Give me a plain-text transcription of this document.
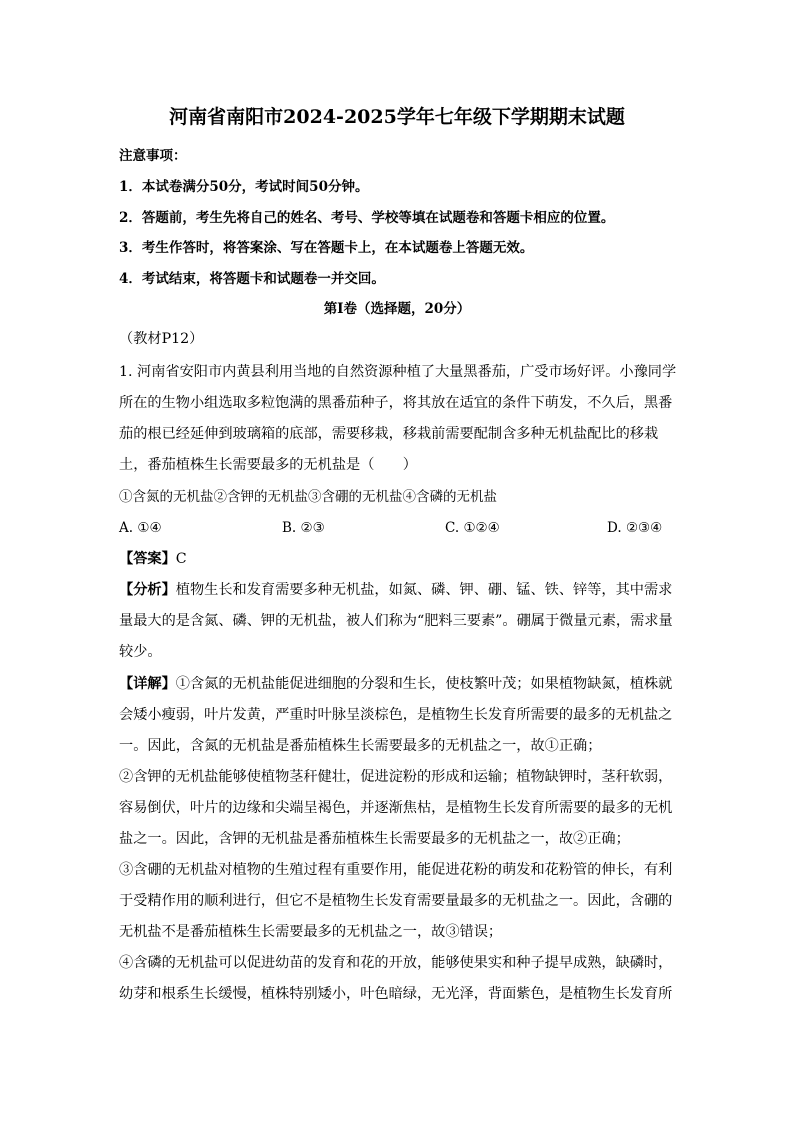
河南省南阳市2024-2025学年七年级下学期期末试题
注意事项：
1．本试卷满分50分，考试时间50分钟。
2．答题前，考生先将自己的姓名、考号、学校等填在试题卷和答题卡相应的位置。
3．考生作答时，将答案涂、写在答题卡上，在本试题卷上答题无效。
4．考试结束，将答题卡和试题卷一并交回。
第Ⅰ卷（选择题，20分）
（教材P12）
1. 河南省安阳市内黄县利用当地的自然资源种植了大量黑番茄，广受市场好评。小豫同学
所在的生物小组选取多粒饱满的黑番茄种子，将其放在适宜的条件下萌发，不久后，黑番
茄的根已经延伸到玻璃箱的底部，需要移栽，移栽前需要配制含多种无机盐配比的移栽
土，番茄植株生长需要最多的无机盐是（　　）
①含氮的无机盐②含钾的无机盐③含硼的无机盐④含磷的无机盐
A. ①④	B. ②③	C. ①②④	D. ②③④
【答案】C
【分析】植物生长和发育需要多种无机盐，如氮、磷、钾、硼、锰、铁、锌等，其中需求
量最大的是含氮、磷、钾的无机盐，被人们称为“肥料三要素”。硼属于微量元素，需求量
较少。
【详解】①含氮的无机盐能促进细胞的分裂和生长，使枝繁叶茂；如果植物缺氮，植株就
会矮小瘦弱，叶片发黄，严重时叶脉呈淡棕色，是植物生长发育所需要的最多的无机盐之
一。因此，含氮的无机盐是番茄植株生长需要最多的无机盐之一，故①正确；
②含钾的无机盐能够使植物茎秆健壮，促进淀粉的形成和运输；植物缺钾时，茎秆软弱，
容易倒伏，叶片的边缘和尖端呈褐色，并逐渐焦枯，是植物生长发育所需要的最多的无机
盐之一。因此，含钾的无机盐是番茄植株生长需要最多的无机盐之一，故②正确；
③含硼的无机盐对植物的生殖过程有重要作用，能促进花粉的萌发和花粉管的伸长，有利
于受精作用的顺利进行，但它不是植物生长发育需要量最多的无机盐之一。因此，含硼的
无机盐不是番茄植株生长需要最多的无机盐之一，故③错误；
④含磷的无机盐可以促进幼苗的发育和花的开放，能够使果实和种子提早成熟，缺磷时，
幼芽和根系生长缓慢，植株特别矮小，叶色暗绿，无光泽，背面紫色，是植物生长发育所
